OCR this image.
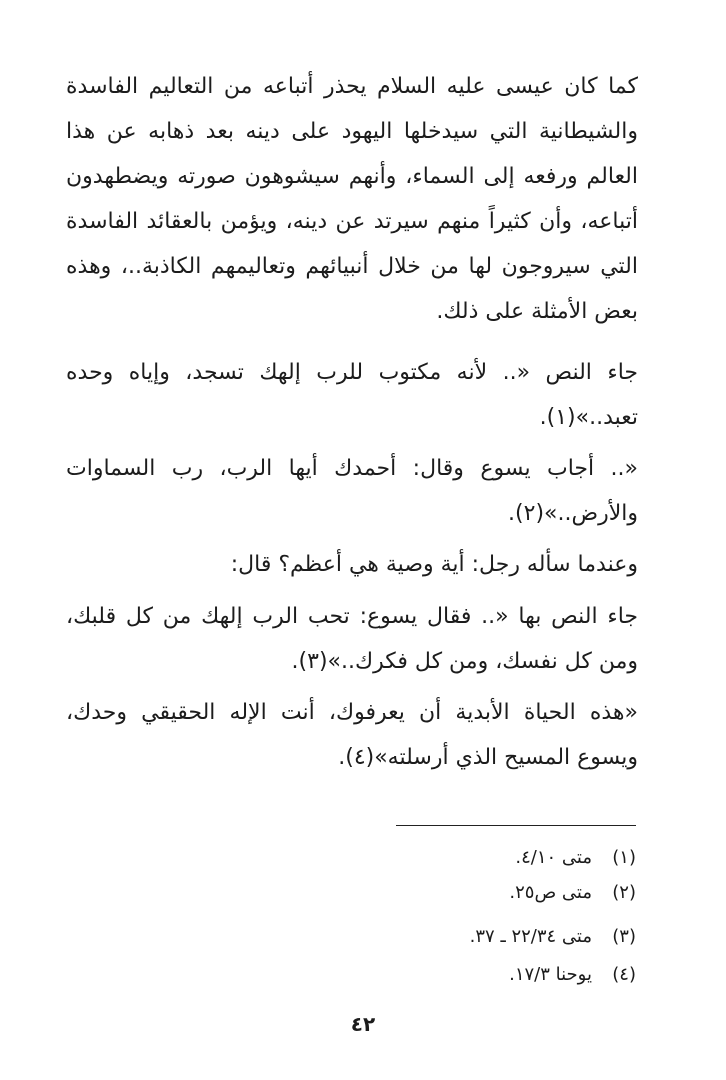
كما كان عيسى عليه السلام يحذر أتباعه من التعاليم الفاسدة والشيطانية التي سيدخلها اليهود على دينه بعد ذهابه عن هذا العالم ورفعه إلى السماء، وأنهم سيشوهون صورته ويضطهدون أتباعه، وأن كثيراً منهم سيرتد عن دينه، ويؤمن بالعقائد الفاسدة التي سيروجون لها من خلال أنبيائهم وتعاليمهم الكاذبة..، وهذه بعض الأمثلة على ذلك.

جاء النص «.. لأنه مكتوب للرب إلهك تسجد، وإياه وحده تعبد..»(١).

«.. أجاب يسوع وقال: أحمدك أيها الرب، رب السماوات والأرض..»(٢).

وعندما سأله رجل: أية وصية هي أعظم؟ قال:

جاء النص بها «.. فقال يسوع: تحب الرب إلهك من كل قلبك، ومن كل نفسك، ومن كل فكرك..»(٣).

«هذه الحياة الأبدية أن يعرفوك، أنت الإله الحقيقي وحدك، ويسوع المسيح الذي أرسلته»(٤).

(١)متى ٤/١٠.
(٢)متى ص٢٥.
(٣)متى ٢٢/٣٤ ـ ٣٧.
(٤)يوحنا ١٧/٣.
٤٢
